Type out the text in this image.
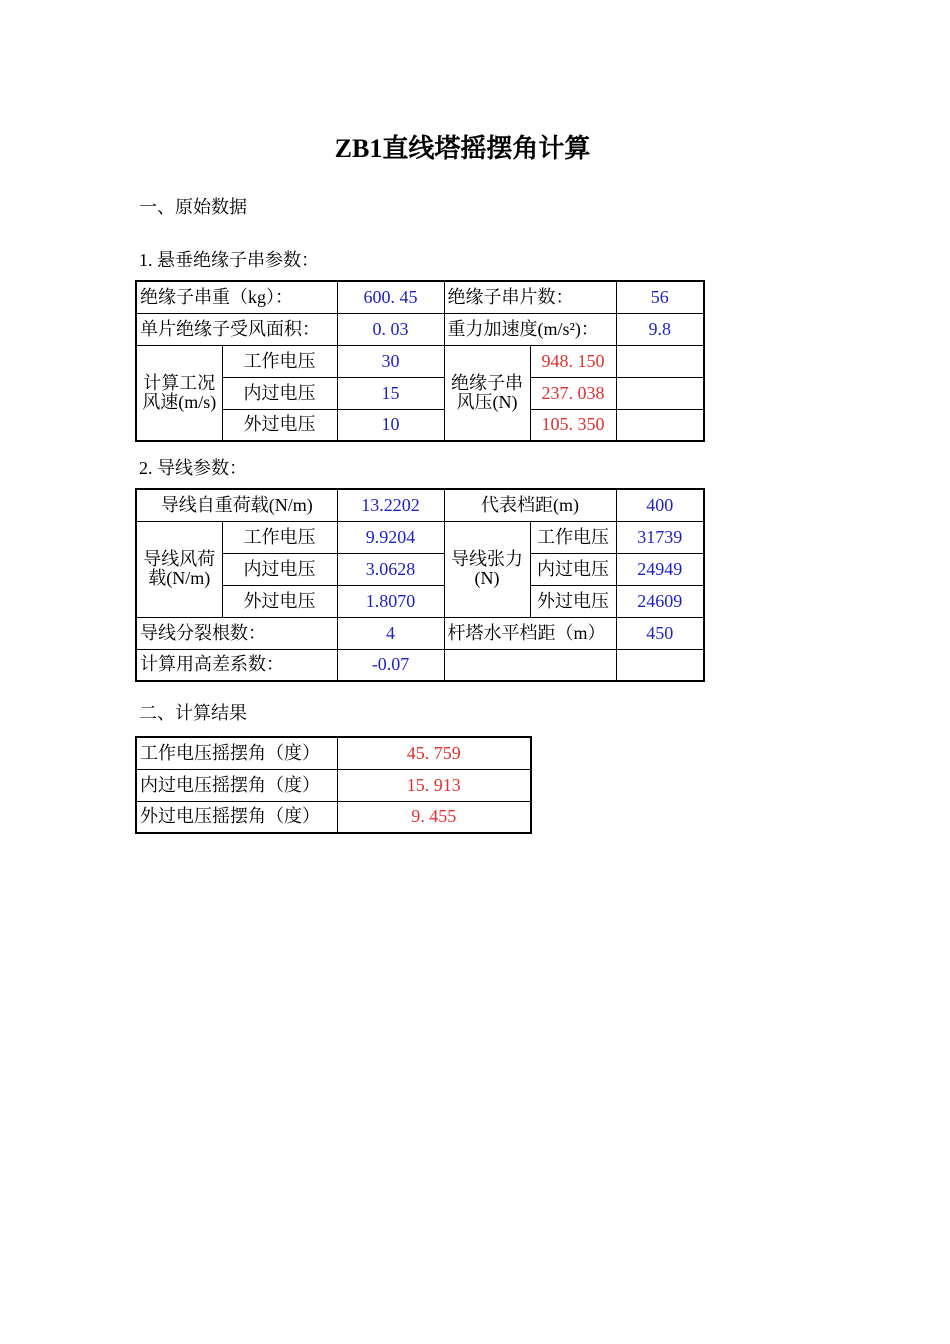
ZB1直线塔摇摆角计算
一、原始数据
1. 悬垂绝缘子串参数：
绝缘子串重（kg）：		600. 45	绝缘子串片数：		56
单片绝缘子受风面积：		0. 03	重力加速度(m/s²)：		9.8
计算工况风速(m/s)	工作电压	30	绝缘子串风压(N)	948. 150	
	内过电压	15		237. 038	
	外过电压	10		105. 350	
2. 导线参数：
导线自重荷载(N/m)		13.2202	代表档距(m)		400
导线风荷载(N/m)	工作电压	9.9204	导线张力(N)	工作电压	31739
	内过电压	3.0628		内过电压	24949
	外过电压	1.8070		外过电压	24609
导线分裂根数：		4	杆塔水平档距（m）		450
计算用高差系数：		-0.07			
二、计算结果
工作电压摇摆角（度）	45. 759
内过电压摇摆角（度）	15. 913
外过电压摇摆角（度）	9. 455
